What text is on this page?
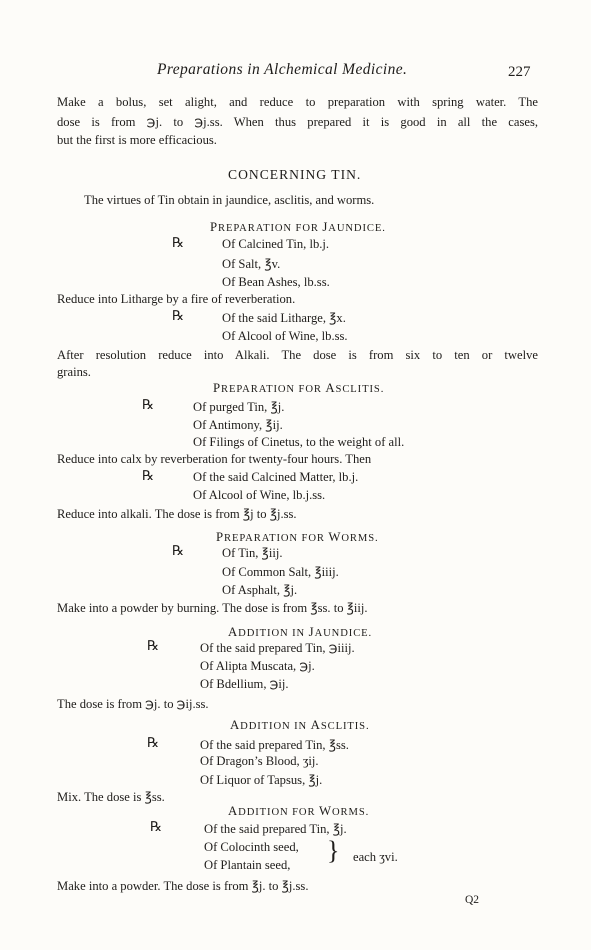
Preparations in Alchemical Medicine.	227
Make a bolus, set alight, and reduce to preparation with spring water. The
dose is from ℈j. to ℈j.ss. When thus prepared it is good in all the cases,
but the first is more efficacious.
CONCERNING TIN.
The virtues of Tin obtain in jaundice, asclitis, and worms.
PREPARATION FOR JAUNDICE.
℞	Of Calcined Tin, lb.j.
Of Salt, ℥v.
Of Bean Ashes, lb.ss.
Reduce into Litharge by a fire of reverberation.
℞	Of the said Litharge, ℥x.
Of Alcool of Wine, lb.ss.
After resolution reduce into Alkali. The dose is from six to ten or twelve
grains.
PREPARATION FOR ASCLITIS.
℞	Of purged Tin, ℥j.
Of Antimony, ℥ij.
Of Filings of Cinetus, to the weight of all.
Reduce into calx by reverberation for twenty-four hours. Then
℞	Of the said Calcined Matter, lb.j.
Of Alcool of Wine, lb.j.ss.
Reduce into alkali. The dose is from ℥j to ℥j.ss.
PREPARATION FOR WORMS.
℞	Of Tin, ℥iij.
Of Common Salt, ℥iiij.
Of Asphalt, ℥j.
Make into a powder by burning. The dose is from ℥ss. to ℥iij.
ADDITION IN JAUNDICE.
℞	Of the said prepared Tin, ℈iiij.
Of Alipta Muscata, ℈j.
Of Bdellium, ℈ij.
The dose is from ℈j. to ℈ij.ss.
ADDITION IN ASCLITIS.
℞	Of the said prepared Tin, ℥ss.
Of Dragon’s Blood, ʒij.
Of Liquor of Tapsus, ℥j.
Mix. The dose is ℥ss.
ADDITION FOR WORMS.
℞	Of the said prepared Tin, ℥j.
Of Colocinth seed,
Of Plantain seed, } each ʒvi.
Make into a powder. The dose is from ℥j. to ℥j.ss.
Q2
